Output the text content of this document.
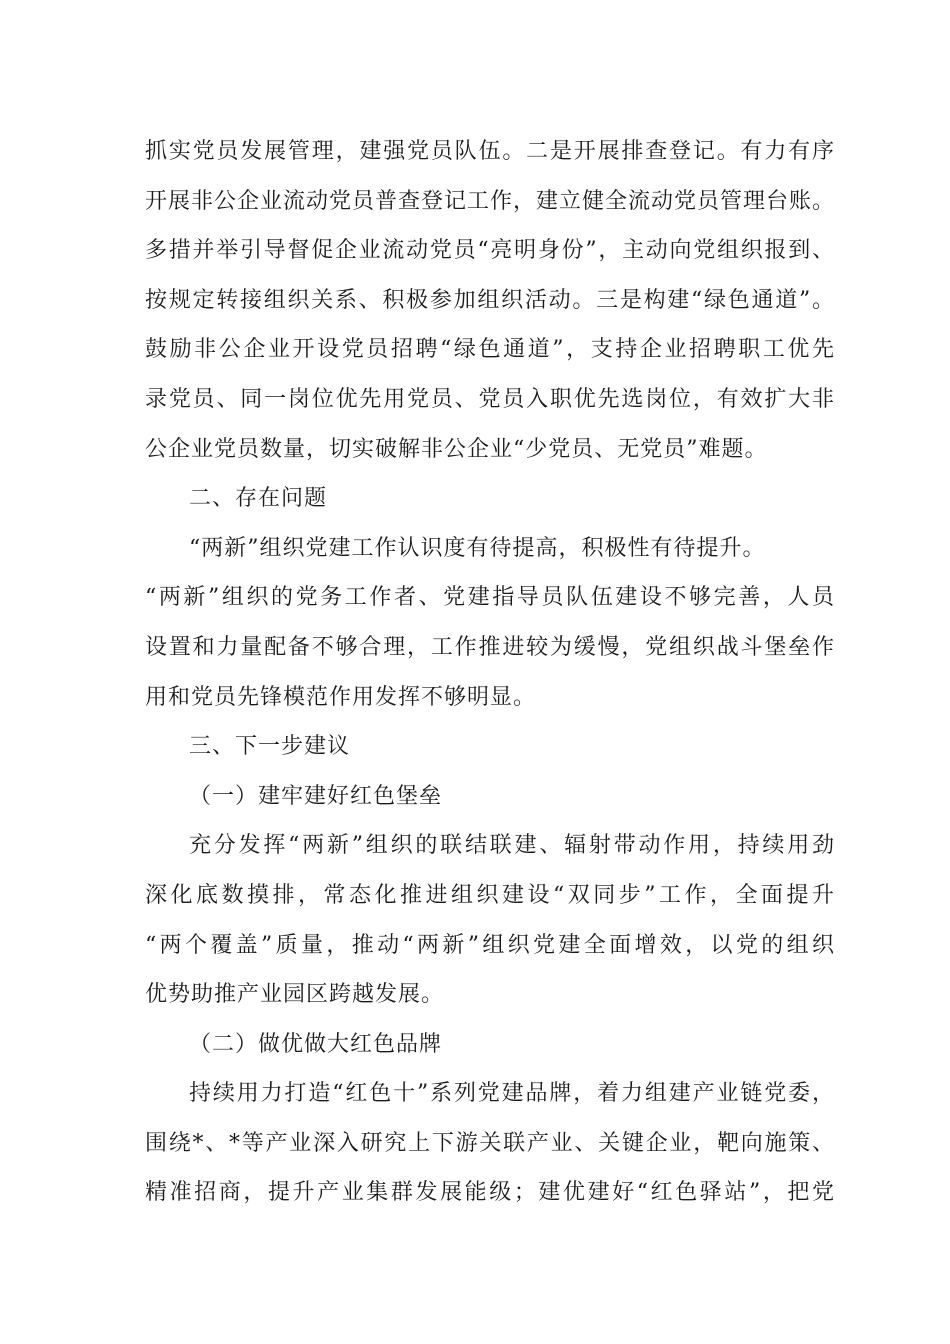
抓实党员发展管理，建强党员队伍。二是开展排查登记。有力有序
开展非公企业流动党员普查登记工作，建立健全流动党员管理台账。
多措并举引导督促企业流动党员“亮明身份”，主动向党组织报到、
按规定转接组织关系、积极参加组织活动。三是构建“绿色通道”。
鼓励非公企业开设党员招聘“绿色通道”，支持企业招聘职工优先
录党员、同一岗位优先用党员、党员入职优先选岗位，有效扩大非
公企业党员数量，切实破解非公企业“少党员、无党员”难题。
二、存在问题
“两新”组织党建工作认识度有待提高，积极性有待提升。
“两新”组织的党务工作者、党建指导员队伍建设不够完善，人员
设置和力量配备不够合理，工作推进较为缓慢，党组织战斗堡垒作
用和党员先锋模范作用发挥不够明显。
三、下一步建议
（一）建牢建好红色堡垒
充分发挥“两新”组织的联结联建、辐射带动作用，持续用劲
深化底数摸排，常态化推进组织建设“双同步”工作，全面提升
“两个覆盖”质量，推动“两新”组织党建全面增效，以党的组织
优势助推产业园区跨越发展。
（二）做优做大红色品牌
持续用力打造“红色十”系列党建品牌，着力组建产业链党委，
围绕*、*等产业深入研究上下游关联产业、关键企业，靶向施策、
精准招商，提升产业集群发展能级；建优建好“红色驿站”，把党
